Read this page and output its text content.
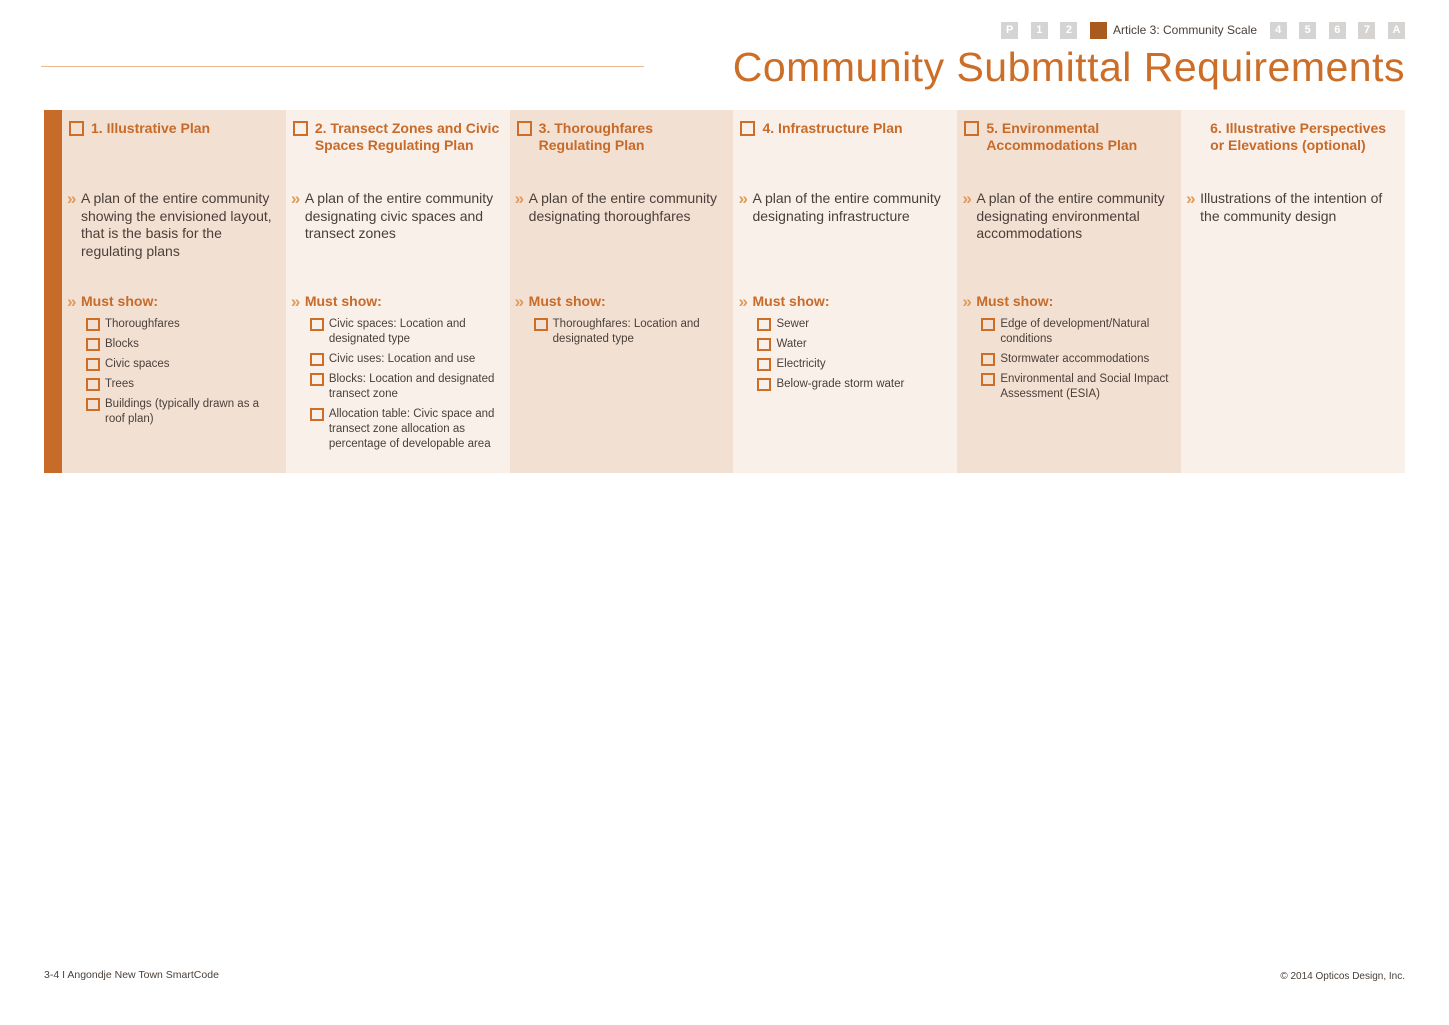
P	1	2	Article 3: Community Scale	4	5	6	7	A
Community Submittal Requirements
1. Illustrative Plan
» A plan of the entire community showing the envisioned layout, that is the basis for the regulating plans
» Must show:
Thoroughfares
Blocks
Civic spaces
Trees
Buildings (typically drawn as a roof plan)
2. Transect Zones and Civic Spaces Regulating Plan
» A plan of the entire community designating civic spaces and transect zones
» Must show:
Civic spaces: Location and designated type
Civic uses: Location and use
Blocks: Location and designated transect zone
Allocation table: Civic space and transect zone allocation as percentage of developable area
3. Thoroughfares Regulating Plan
» A plan of the entire community designating thoroughfares
» Must show:
Thoroughfares: Location and designated type
4. Infrastructure Plan
» A plan of the entire community designating infrastructure
» Must show:
Sewer
Water
Electricity
Below-grade storm water
5. Environmental Accommodations Plan
» A plan of the entire community designating environmental accommodations
» Must show:
Edge of development/Natural conditions
Stormwater accommodations
Environmental and Social Impact Assessment (ESIA)
6. Illustrative Perspectives or Elevations (optional)
» Illustrations of the intention of the community design
3-4 I Angondje New Town SmartCode	© 2014 Opticos Design, Inc.
